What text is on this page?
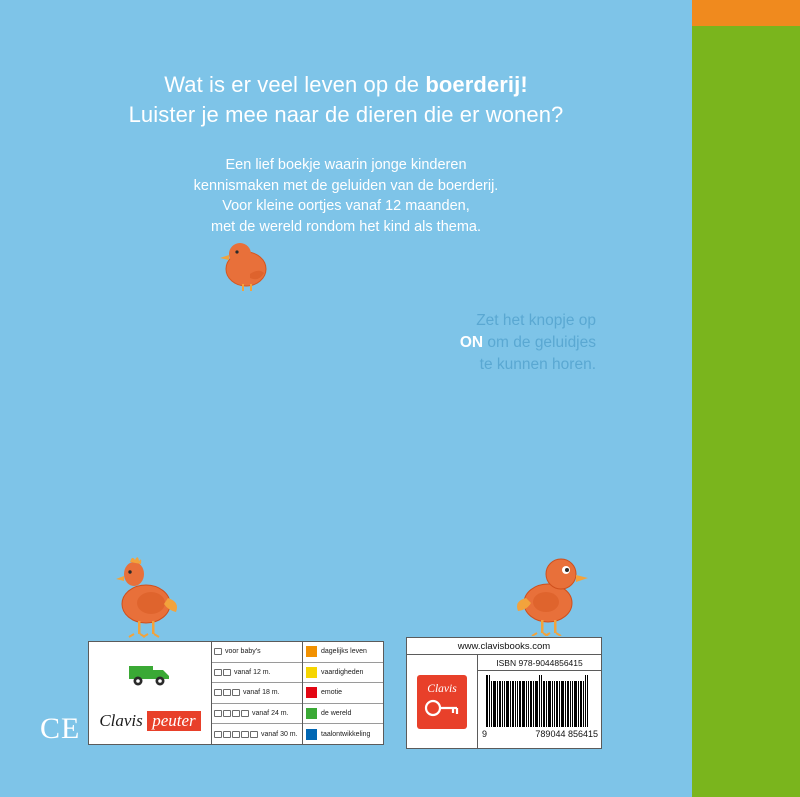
Wat is er veel leven op de boerderij!
Luister je mee naar de dieren die er wonen?
Een lief boekje waarin jonge kinderen
kennismaken met de geluiden van de boerderij.
Voor kleine oortjes vanaf 12 maanden,
met de wereld rondom het kind als thema.
Zet het knopje op
ON om de geluidjes
te kunnen horen.
Clavis peuter
voor baby's
vanaf 12 m.
vanaf 18 m.
vanaf 24 m.
vanaf 30 m.
dagelijks leven
vaardigheden
emotie
de wereld
taalontwikkeling
CE
www.clavisbooks.com
Clavis
ISBN 978-9044856415
9	789044 856415
